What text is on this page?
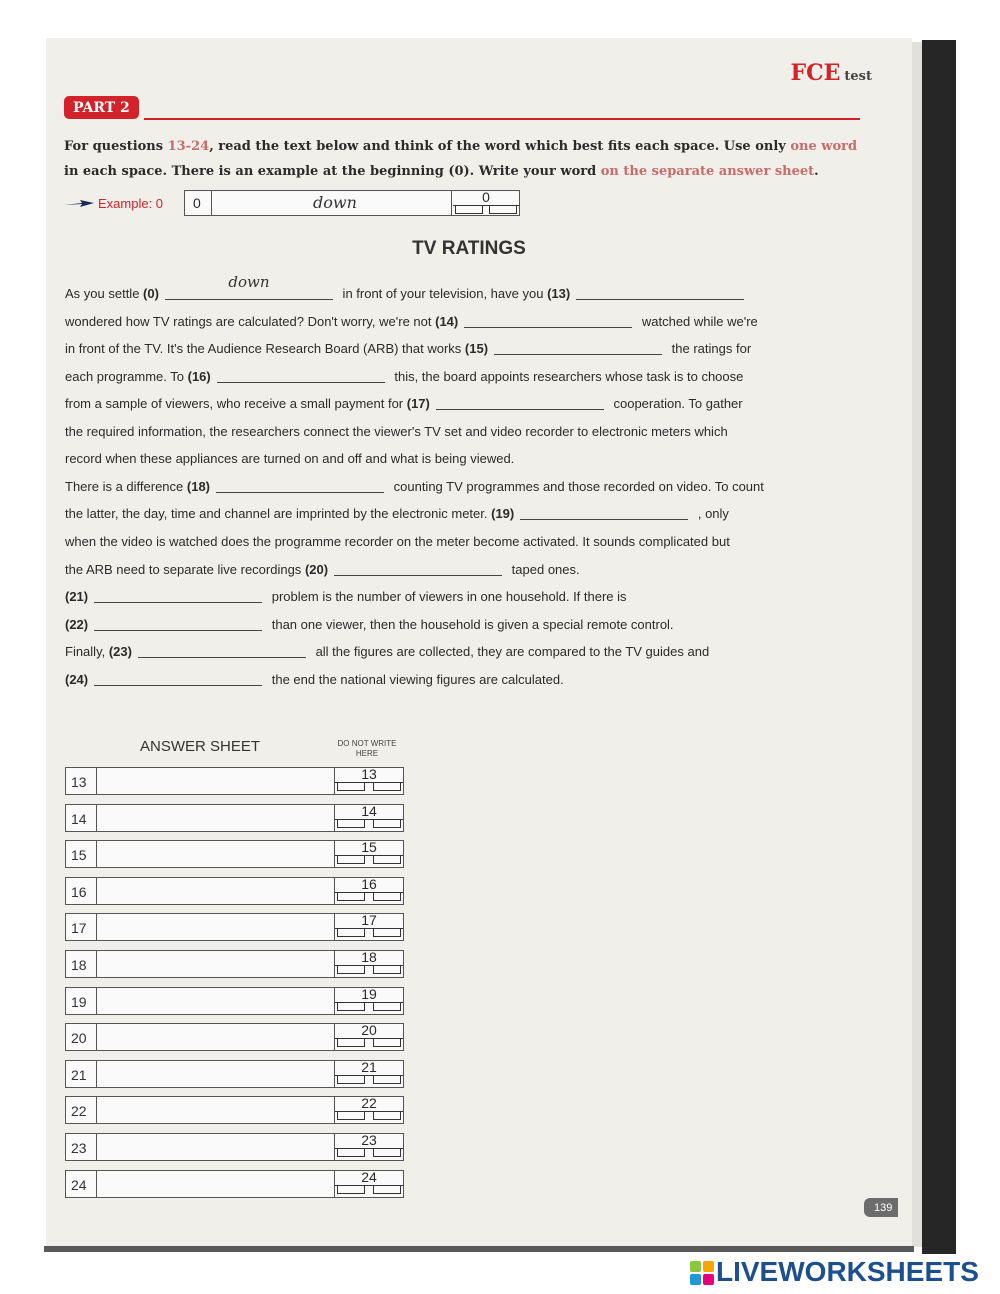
FCE test
PART 2
For questions 13-24, read the text below and think of the word which best fits each space. Use only one word in each space. There is an example at the beginning (0). Write your word on the separate answer sheet.
Example: 0 0	down	0
TV RATINGS
As you settle (0)
down
in front of your television, have you (13)
wondered how TV ratings are calculated? Don't worry, we're not (14)	watched while we're
in front of the TV. It's the Audience Research Board (ARB) that works (15)	the ratings for
each programme. To (16)	this, the board appoints researchers whose task is to choose
from a sample of viewers, who receive a small payment for (17)	cooperation. To gather
the required information, the researchers connect the viewer's TV set and video recorder to electronic meters which
record when these appliances are turned on and off and what is being viewed.
There is a difference (18)	counting TV programmes and those recorded on video. To count
the latter, the day, time and channel are imprinted by the electronic meter. (19)	, only
when the video is watched does the programme recorder on the meter become activated. It sounds complicated but
the ARB need to separate live recordings (20)	taped ones.
(21)	problem is the number of viewers in one household. If there is
(22)	than one viewer, then the household is given a special remote control.
Finally, (23)	all the figures are collected, they are compared to the TV guides and
(24)	the end the national viewing figures are calculated.
ANSWER SHEET	DO NOT WRITE
HERE
13	13
14	14
15	15
16	16
17	17
18	18
19	19
20	20
21	21
22	22
23	23
24	24
139
LIVEWORKSHEETS
